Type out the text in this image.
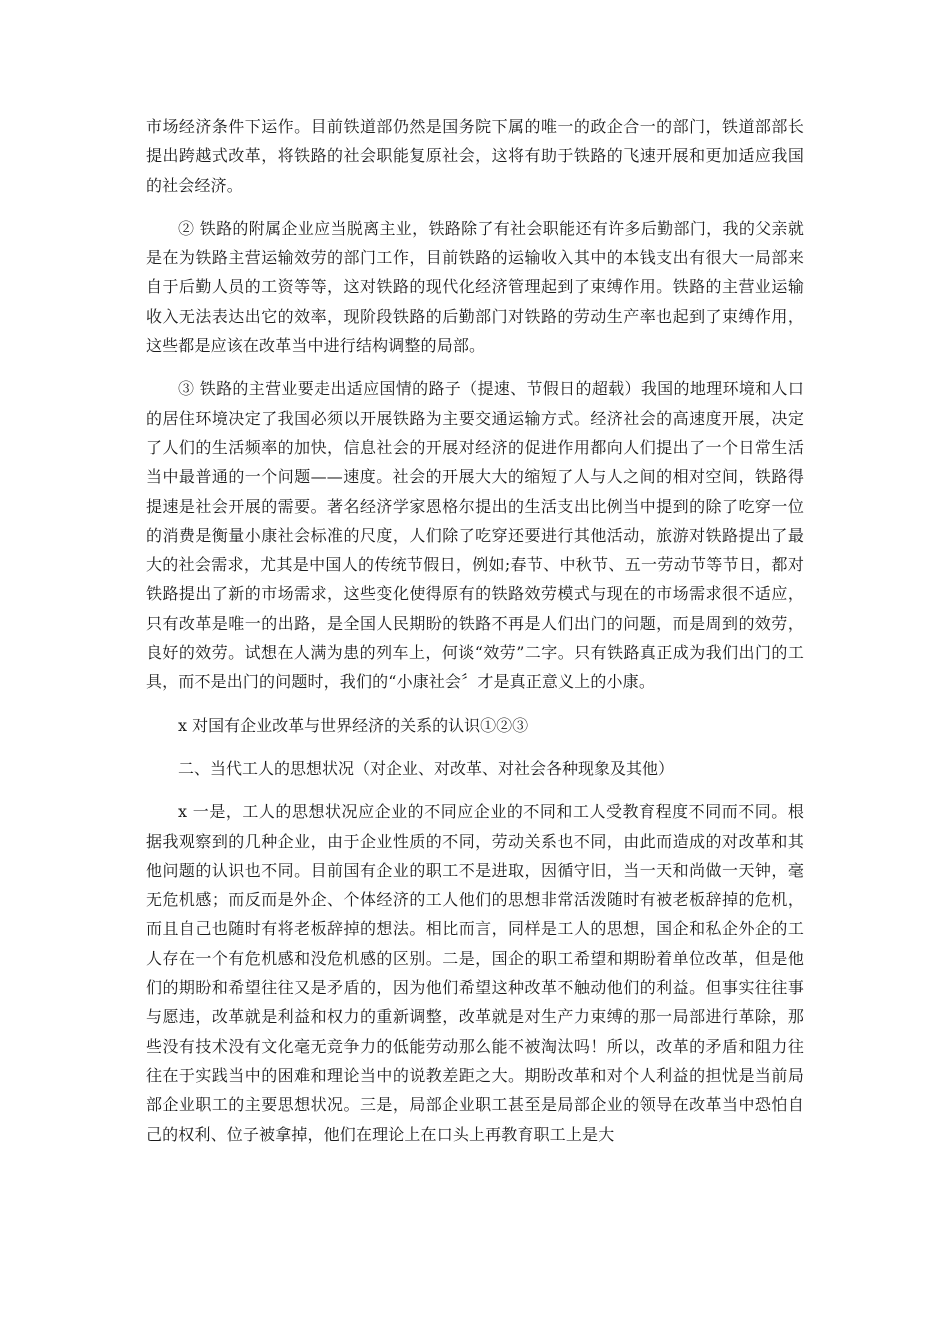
市场经济条件下运作。目前铁道部仍然是国务院下属的唯一的政企合一的部门，铁道部部长提出跨越式改革，将铁路的社会职能复原社会，这将有助于铁路的飞速开展和更加适应我国的社会经济。

② 铁路的附属企业应当脱离主业，铁路除了有社会职能还有许多后勤部门，我的父亲就是在为铁路主营运输效劳的部门工作，目前铁路的运输收入其中的本钱支出有很大一局部来自于后勤人员的工资等等，这对铁路的现代化经济管理起到了束缚作用。铁路的主营业运输收入无法表达出它的效率，现阶段铁路的后勤部门对铁路的劳动生产率也起到了束缚作用，这些都是应该在改革当中进行结构调整的局部。

③ 铁路的主营业要走出适应国情的路子（提速、节假日的超载）我国的地理环境和人口的居住环境决定了我国必须以开展铁路为主要交通运输方式。经济社会的高速度开展，决定了人们的生活频率的加快，信息社会的开展对经济的促进作用都向人们提出了一个日常生活当中最普通的一个问题——速度。社会的开展大大的缩短了人与人之间的相对空间，铁路得提速是社会开展的需要。著名经济学家恩格尔提出的生活支出比例当中提到的除了吃穿一位的消费是衡量小康社会标准的尺度，人们除了吃穿还要进行其他活动，旅游对铁路提出了最大的社会需求，尤其是中国人的传统节假日，例如;春节、中秋节、五一劳动节等节日，都对铁路提出了新的市场需求，这些变化使得原有的铁路效劳模式与现在的市场需求很不适应，只有改革是唯一的出路，是全国人民期盼的铁路不再是人们出门的问题，而是周到的效劳，良好的效劳。试想在人满为患的列车上，何谈“效劳”二字。只有铁路真正成为我们出门的工具，而不是出门的问题时，我们的“小康社会〞才是真正意义上的小康。

x 对国有企业改革与世界经济的关系的认识①②③

二、当代工人的思想状况（对企业、对改革、对社会各种现象及其他）

x 一是，工人的思想状况应企业的不同应企业的不同和工人受教育程度不同而不同。根据我观察到的几种企业，由于企业性质的不同，劳动关系也不同，由此而造成的对改革和其他问题的认识也不同。目前国有企业的职工不是进取，因循守旧，当一天和尚做一天钟，毫无危机感；而反而是外企、个体经济的工人他们的思想非常活泼随时有被老板辞掉的危机，而且自己也随时有将老板辞掉的想法。相比而言，同样是工人的思想，国企和私企外企的工人存在一个有危机感和没危机感的区别。二是，国企的职工希望和期盼着单位改革，但是他们的期盼和希望往往又是矛盾的，因为他们希望这种改革不触动他们的利益。但事实往往事与愿违，改革就是利益和权力的重新调整，改革就是对生产力束缚的那一局部进行革除，那些没有技术没有文化毫无竞争力的低能劳动那么能不被淘汰吗！所以，改革的矛盾和阻力往往在于实践当中的困难和理论当中的说教差距之大。期盼改革和对个人利益的担忧是当前局部企业职工的主要思想状况。三是，局部企业职工甚至是局部企业的领导在改革当中恐怕自己的权利、位子被拿掉，他们在理论上在口头上再教育职工上是大
